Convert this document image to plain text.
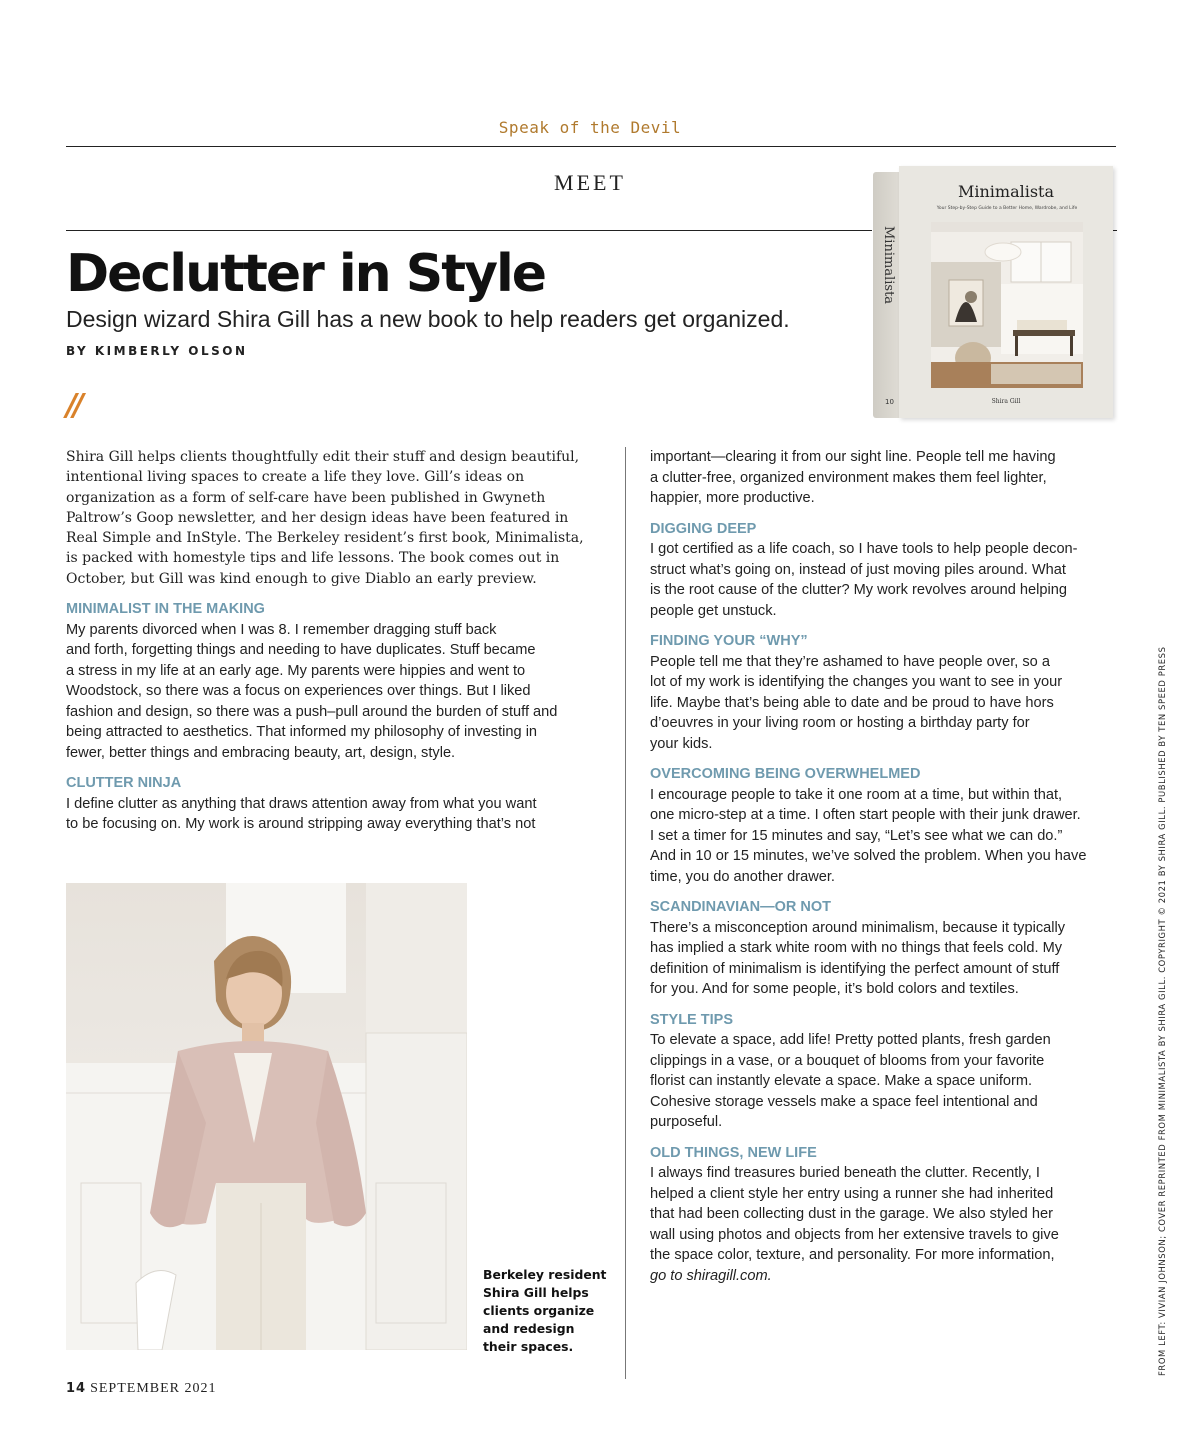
Speak of the Devil
MEET	Minimalista
Your Step-by-Step Guide to a Better Home, Wardrobe, and Life
Minimalista
Shira Gill
10
Declutter in Style
Design wizard Shira Gill has a new book to help readers get organized.
BY KIMBERLY OLSON
//

Shira Gill helps clients thoughtfully edit their stuff and design beautiful,
intentional living spaces to create a life they love. Gill’s ideas on
organization as a form of self-care have been published in Gwyneth
Paltrow’s Goop newsletter, and her design ideas have been featured in
Real Simple and InStyle. The Berkeley resident’s first book, Minimalista,
is packed with homestyle tips and life lessons. The book comes out in
October, but Gill was kind enough to give Diablo an early preview.

MINIMALIST IN THE MAKING

My parents divorced when I was 8. I remember dragging stuff back
and forth, forgetting things and needing to have duplicates. Stuff became
a stress in my life at an early age. My parents were hippies and went to
Woodstock, so there was a focus on experiences over things. But I liked
fashion and design, so there was a push–pull around the burden of stuff and
being attracted to aesthetics. That informed my philosophy of investing in
fewer, better things and embracing beauty, art, design, style.

CLUTTER NINJA

I define clutter as anything that draws attention away from what you want
to be focusing on. My work is around stripping away everything that’s not

important—clearing it from our sight line. People tell me having
a clutter-free, organized environment makes them feel lighter,
happier, more productive.

DIGGING DEEP

I got certified as a life coach, so I have tools to help people decon-
struct what’s going on, instead of just moving piles around. What
is the root cause of the clutter? My work revolves around helping
people get unstuck.

FINDING YOUR “WHY”

People tell me that they’re ashamed to have people over, so a
lot of my work is identifying the changes you want to see in your
life. Maybe that’s being able to date and be proud to have hors
d’oeuvres in your living room or hosting a birthday party for
your kids.

OVERCOMING BEING OVERWHELMED

I encourage people to take it one room at a time, but within that,
one micro-step at a time. I often start people with their junk drawer.
I set a timer for 15 minutes and say, “Let’s see what we can do.”
And in 10 or 15 minutes, we’ve solved the problem. When you have
time, you do another drawer.

SCANDINAVIAN—OR NOT

There’s a misconception around minimalism, because it typically
has implied a stark white room with no things that feels cold. My
definition of minimalism is identifying the perfect amount of stuff
for you. And for some people, it’s bold colors and textiles.

STYLE TIPS

To elevate a space, add life! Pretty potted plants, fresh garden
clippings in a vase, or a bouquet of blooms from your favorite
florist can instantly elevate a space. Make a space uniform.
Cohesive storage vessels make a space feel intentional and
purposeful.

OLD THINGS, NEW LIFE

I always find treasures buried beneath the clutter. Recently, I
helped a client style her entry using a runner she had inherited
that had been collecting dust in the garage. We also styled her
wall using photos and objects from her extensive travels to give
the space color, texture, and personality. For more information,
go to shiragill.com.

Berkeley resident
Shira Gill helps
clients organize
and redesign
their spaces.
14 SEPTEMBER 2021
FROM LEFT: VIVIAN JOHNSON; COVER REPRINTED FROM MINIMALISTA BY SHIRA GILL. COPYRIGHT © 2021 BY SHIRA GILL. PUBLISHED BY TEN SPEED PRESS
